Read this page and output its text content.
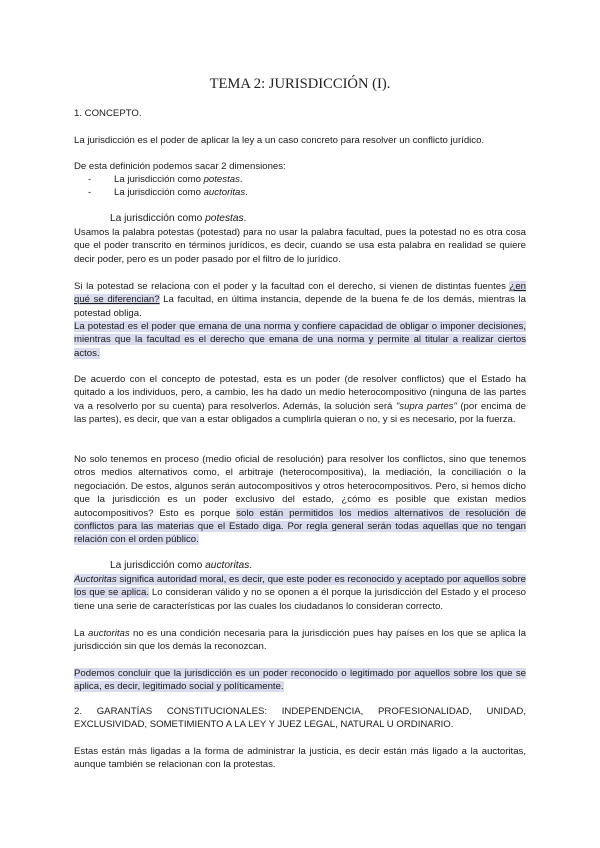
TEMA 2: JURISDICCIÓN (I).
1. CONCEPTO.
La jurisdicción es el poder de aplicar la ley a un caso concreto para resolver un conflicto jurídico.
De esta definición podemos sacar 2 dimensiones:
- La jurisdicción como potestas.
- La jurisdicción como auctoritas.
La jurisdicción como potestas.
Usamos la palabra potestas (potestad) para no usar la palabra facultad, pues la potestad no es otra cosa que el poder transcrito en términos jurídicos, es decir, cuando se usa esta palabra en realidad se quiere decir poder, pero es un poder pasado por el filtro de lo jurídico.
Si la potestad se relaciona con el poder y la facultad con el derecho, si vienen de distintas fuentes ¿en qué se diferencian? La facultad, en última instancia, depende de la buena fe de los demás, mientras la potestad obliga.
La potestad es el poder que emana de una norma y confiere capacidad de obligar o imponer decisiones, mientras que la facultad es el derecho que emana de una norma y permite al titular a realizar ciertos actos.
De acuerdo con el concepto de potestad, esta es un poder (de resolver conflictos) que el Estado ha quitado a los individuos, pero, a cambio, les ha dado un medio heterocompositivo (ninguna de las partes va a resolverlo por su cuenta) para resolverlos. Además, la solución será "supra partes" (por encima de las partes), es decir, que van a estar obligados a cumplirla quieran o no, y si es necesario, por la fuerza.
No solo tenemos en proceso (medio oficial de resolución) para resolver los conflictos, sino que tenemos otros medios alternativos como, el arbitraje (heterocompositiva), la mediación, la conciliación o la negociación. De estos, algunos serán autocompositivos y otros heterocompositivos. Pero, si hemos dicho que la jurisdicción es un poder exclusivo del estado, ¿cómo es posible que existan medios autocompositivos? Esto es porque solo están permitidos los medios alternativos de resolución de conflictos para las materias que el Estado diga. Por regla general serán todas aquellas que no tengan relación con el orden público.
La jurisdicción como auctoritas.
Auctoritas significa autoridad moral, es decir, que este poder es reconocido y aceptado por aquellos sobre los que se aplica. Lo consideran válido y no se oponen a él porque la jurisdicción del Estado y el proceso tiene una serie de características por las cuales los ciudadanos lo consideran correcto.
La auctoritas no es una condición necesaria para la jurisdicción pues hay países en los que se aplica la jurisdicción sin que los demás la reconozcan.
Podemos concluir que la jurisdicción es un poder reconocido o legitimado por aquellos sobre los que se aplica, es decir, legitimado social y políticamente.
2. GARANTÍAS CONSTITUCIONALES: INDEPENDENCIA, PROFESIONALIDAD, UNIDAD, EXCLUSIVIDAD, SOMETIMIENTO A LA LEY Y JUEZ LEGAL, NATURAL U ORDINARIO.
Estas están más ligadas a la forma de administrar la justicia, es decir están más ligado a la auctoritas, aunque también se relacionan con la protestas.
